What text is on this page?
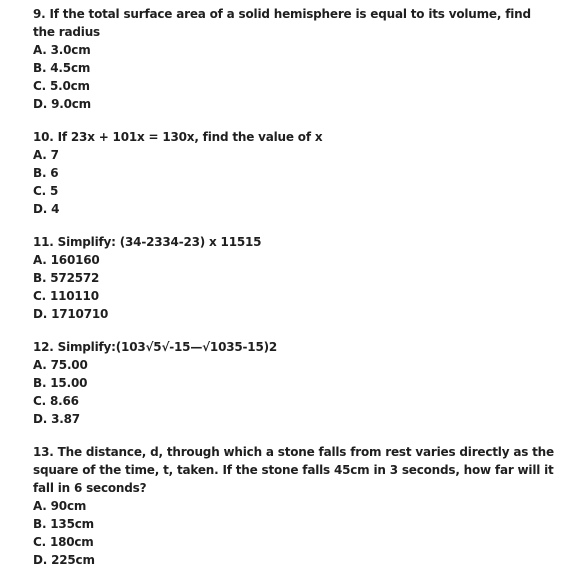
9. If the total surface area of a solid hemisphere is equal to its volume, find the radius

A. 3.0cm
B. 4.5cm
C. 5.0cm
D. 9.0cm

10. If 23x + 101x = 130x, find the value of x

A. 7
B. 6
C. 5
D. 4

11. Simplify: (34-2334-23) x 11515

A. 160160
B. 572572
C. 110110
D. 1710710

12. Simplify:(103√5√-15—√1035-15)2

A. 75.00
B. 15.00
C. 8.66
D. 3.87

13. The distance, d, through which a stone falls from rest varies directly as the square of the time, t, taken. If the stone falls 45cm in 3 seconds, how far will it fall in 6 seconds?

A. 90cm
B. 135cm
C. 180cm
D. 225cm
